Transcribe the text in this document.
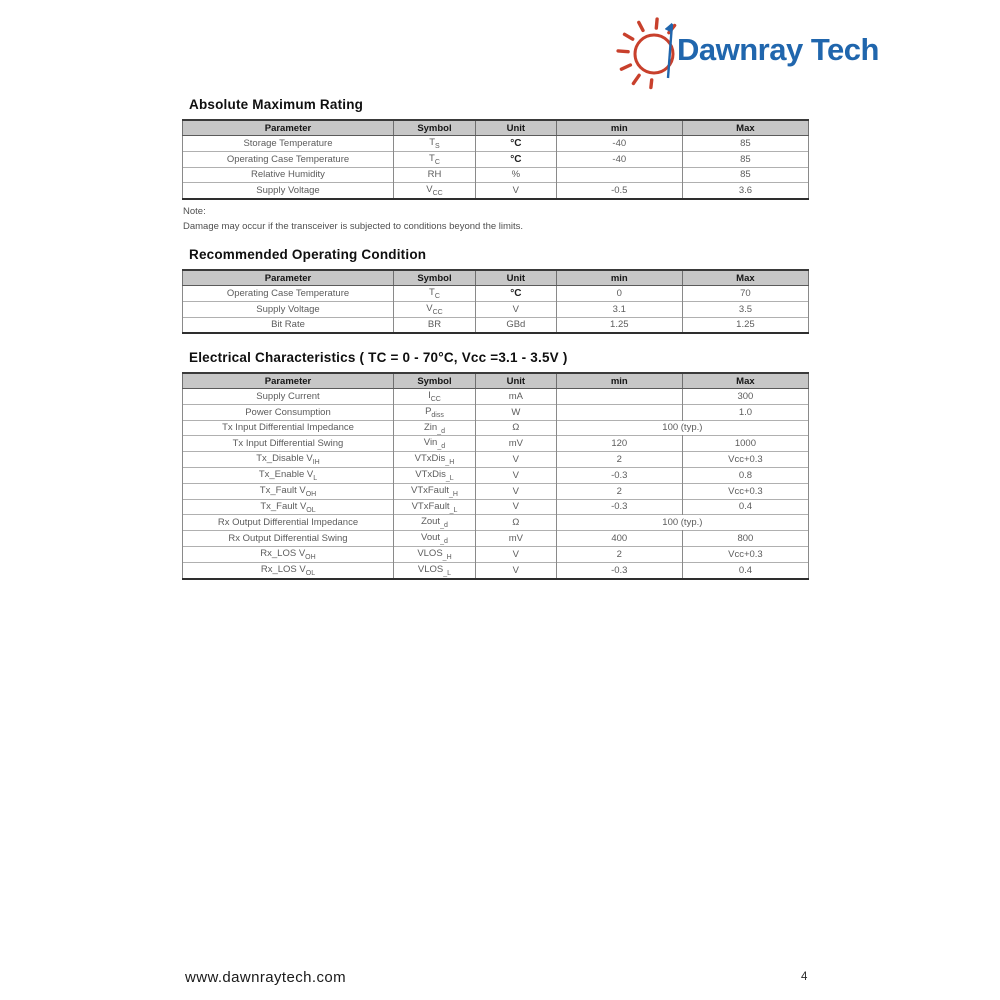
Dawnray Tech
Absolute Maximum Rating
Parameter	Symbol	Unit	min	Max
Storage Temperature	$T_S$	°C	-40	85
Operating Case Temperature	$T_C$	°C	-40	85
Relative Humidity	RH	%		85
Supply Voltage	$V_{CC}$	V	-0.5	3.6
Note:
Damage may occur if the transceiver is subjected to conditions beyond the limits.
Recommended Operating Condition
Parameter	Symbol	Unit	min	Max
Operating Case Temperature	$T_C$	°C	0	70
Supply Voltage	$V_{CC}$	V	3.1	3.5
Bit Rate	BR	GBd	1.25	1.25
Electrical Characteristics ( TC = 0 - 70°C, Vcc =3.1 - 3.5V )
Parameter	Symbol	Unit	min	Max
Supply Current	$I_{CC}$	mA		300
Power Consumption	$P_{diss}$	W		1.0
Tx Input Differential Impedance	Zin$_{\_d}$	Ω	100 (typ.)	
Tx Input Differential Swing	Vin$_{\_d}$	mV	120	1000
Tx_Disable $V_{IH}$	VTxDis$_{\_H}$	V	2	Vcc+0.3
Tx_Enable $V_L$	VTxDis$_{\_L}$	V	-0.3	0.8
Tx_Fault $V_{OH}$	VTxFault$_{\_H}$	V	2	Vcc+0.3
Tx_Fault $V_{OL}$	VTxFault$_{\_L}$	V	-0.3	0.4
Rx Output Differential Impedance	Zout$_{\_d}$	Ω	100 (typ.)	
Rx Output Differential Swing	Vout$_{\_d}$	mV	400	800
Rx_LOS $V_{OH}$	$VLOS_{\_H}$	V	2	Vcc+0.3
Rx_LOS $V_{OL}$	$VLOS_{\_L}$	V	-0.3	0.4
www.dawnraytech.com	4
